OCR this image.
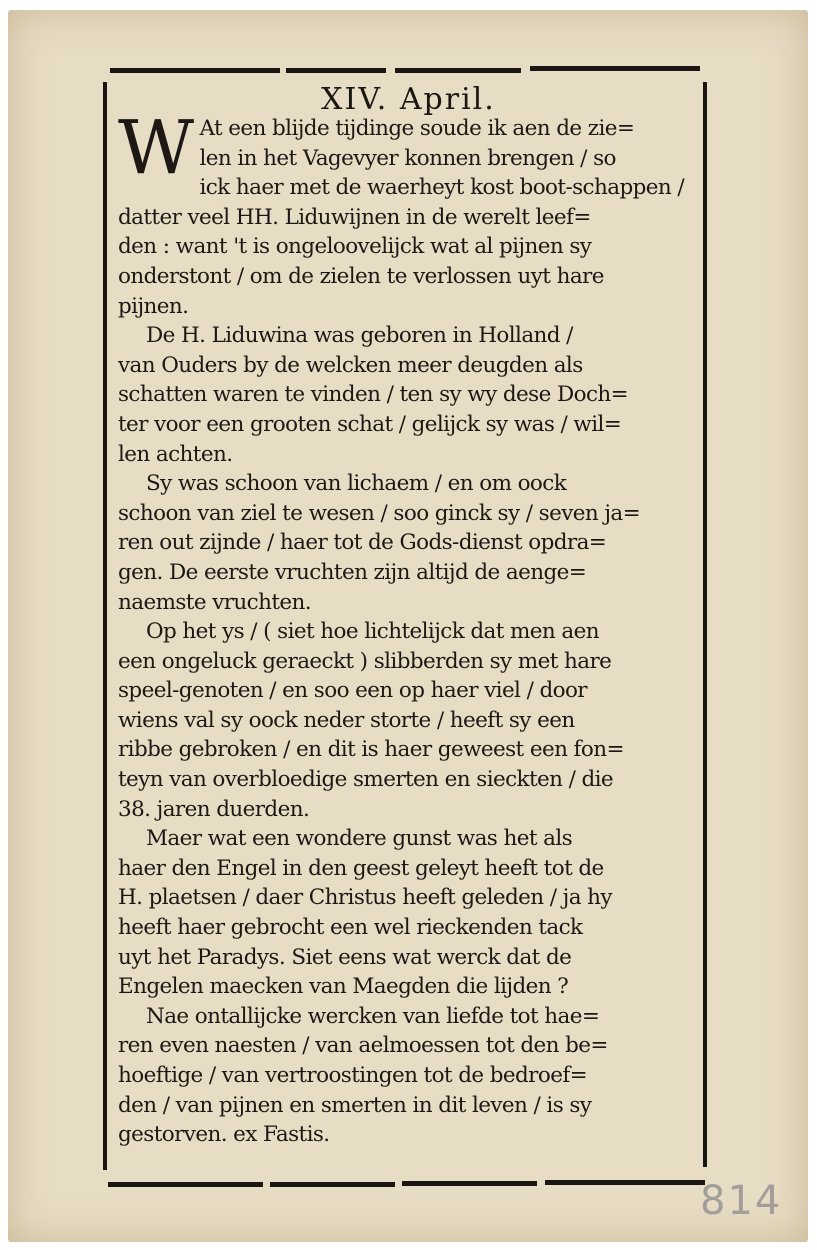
XIV. April.
W At een blijde tijdinge soude ik aen de zie=
len in het Vagevyer konnen brengen / so
ick haer met de waerheyt kost boot-schappen /
datter veel HH. Liduwijnen in de werelt leef=
den : want 't is ongeloovelijck wat al pijnen sy
onderstont / om de zielen te verlossen uyt hare
pijnen.
De H. Liduwina was geboren in Holland /
van Ouders by de welcken meer deugden als
schatten waren te vinden / ten sy wy dese Doch=
ter voor een grooten schat / gelijck sy was / wil=
len achten.
Sy was schoon van lichaem / en om oock
schoon van ziel te wesen / soo ginck sy / seven ja=
ren out zijnde / haer tot de Gods-dienst opdra=
gen. De eerste vruchten zijn altijd de aenge=
naemste vruchten.
Op het ys / ( siet hoe lichtelijck dat men aen
een ongeluck geraeckt ) slibberden sy met hare
speel-genoten / en soo een op haer viel / door
wiens val sy oock neder storte / heeft sy een
ribbe gebroken / en dit is haer geweest een fon=
teyn van overbloedige smerten en sieckten / die
38. jaren duerden.
Maer wat een wondere gunst was het als
haer den Engel in den geest geleyt heeft tot de
H. plaetsen / daer Christus heeft geleden / ja hy
heeft haer gebrocht een wel rieckenden tack
uyt het Paradys. Siet eens wat werck dat de
Engelen maecken van Maegden die lijden ?
Nae ontallijcke wercken van liefde tot hae=
ren even naesten / van aelmoessen tot den be=
hoeftige / van vertroostingen tot de bedroef=
den / van pijnen en smerten in dit leven / is sy
gestorven. ex Fastis.
814
